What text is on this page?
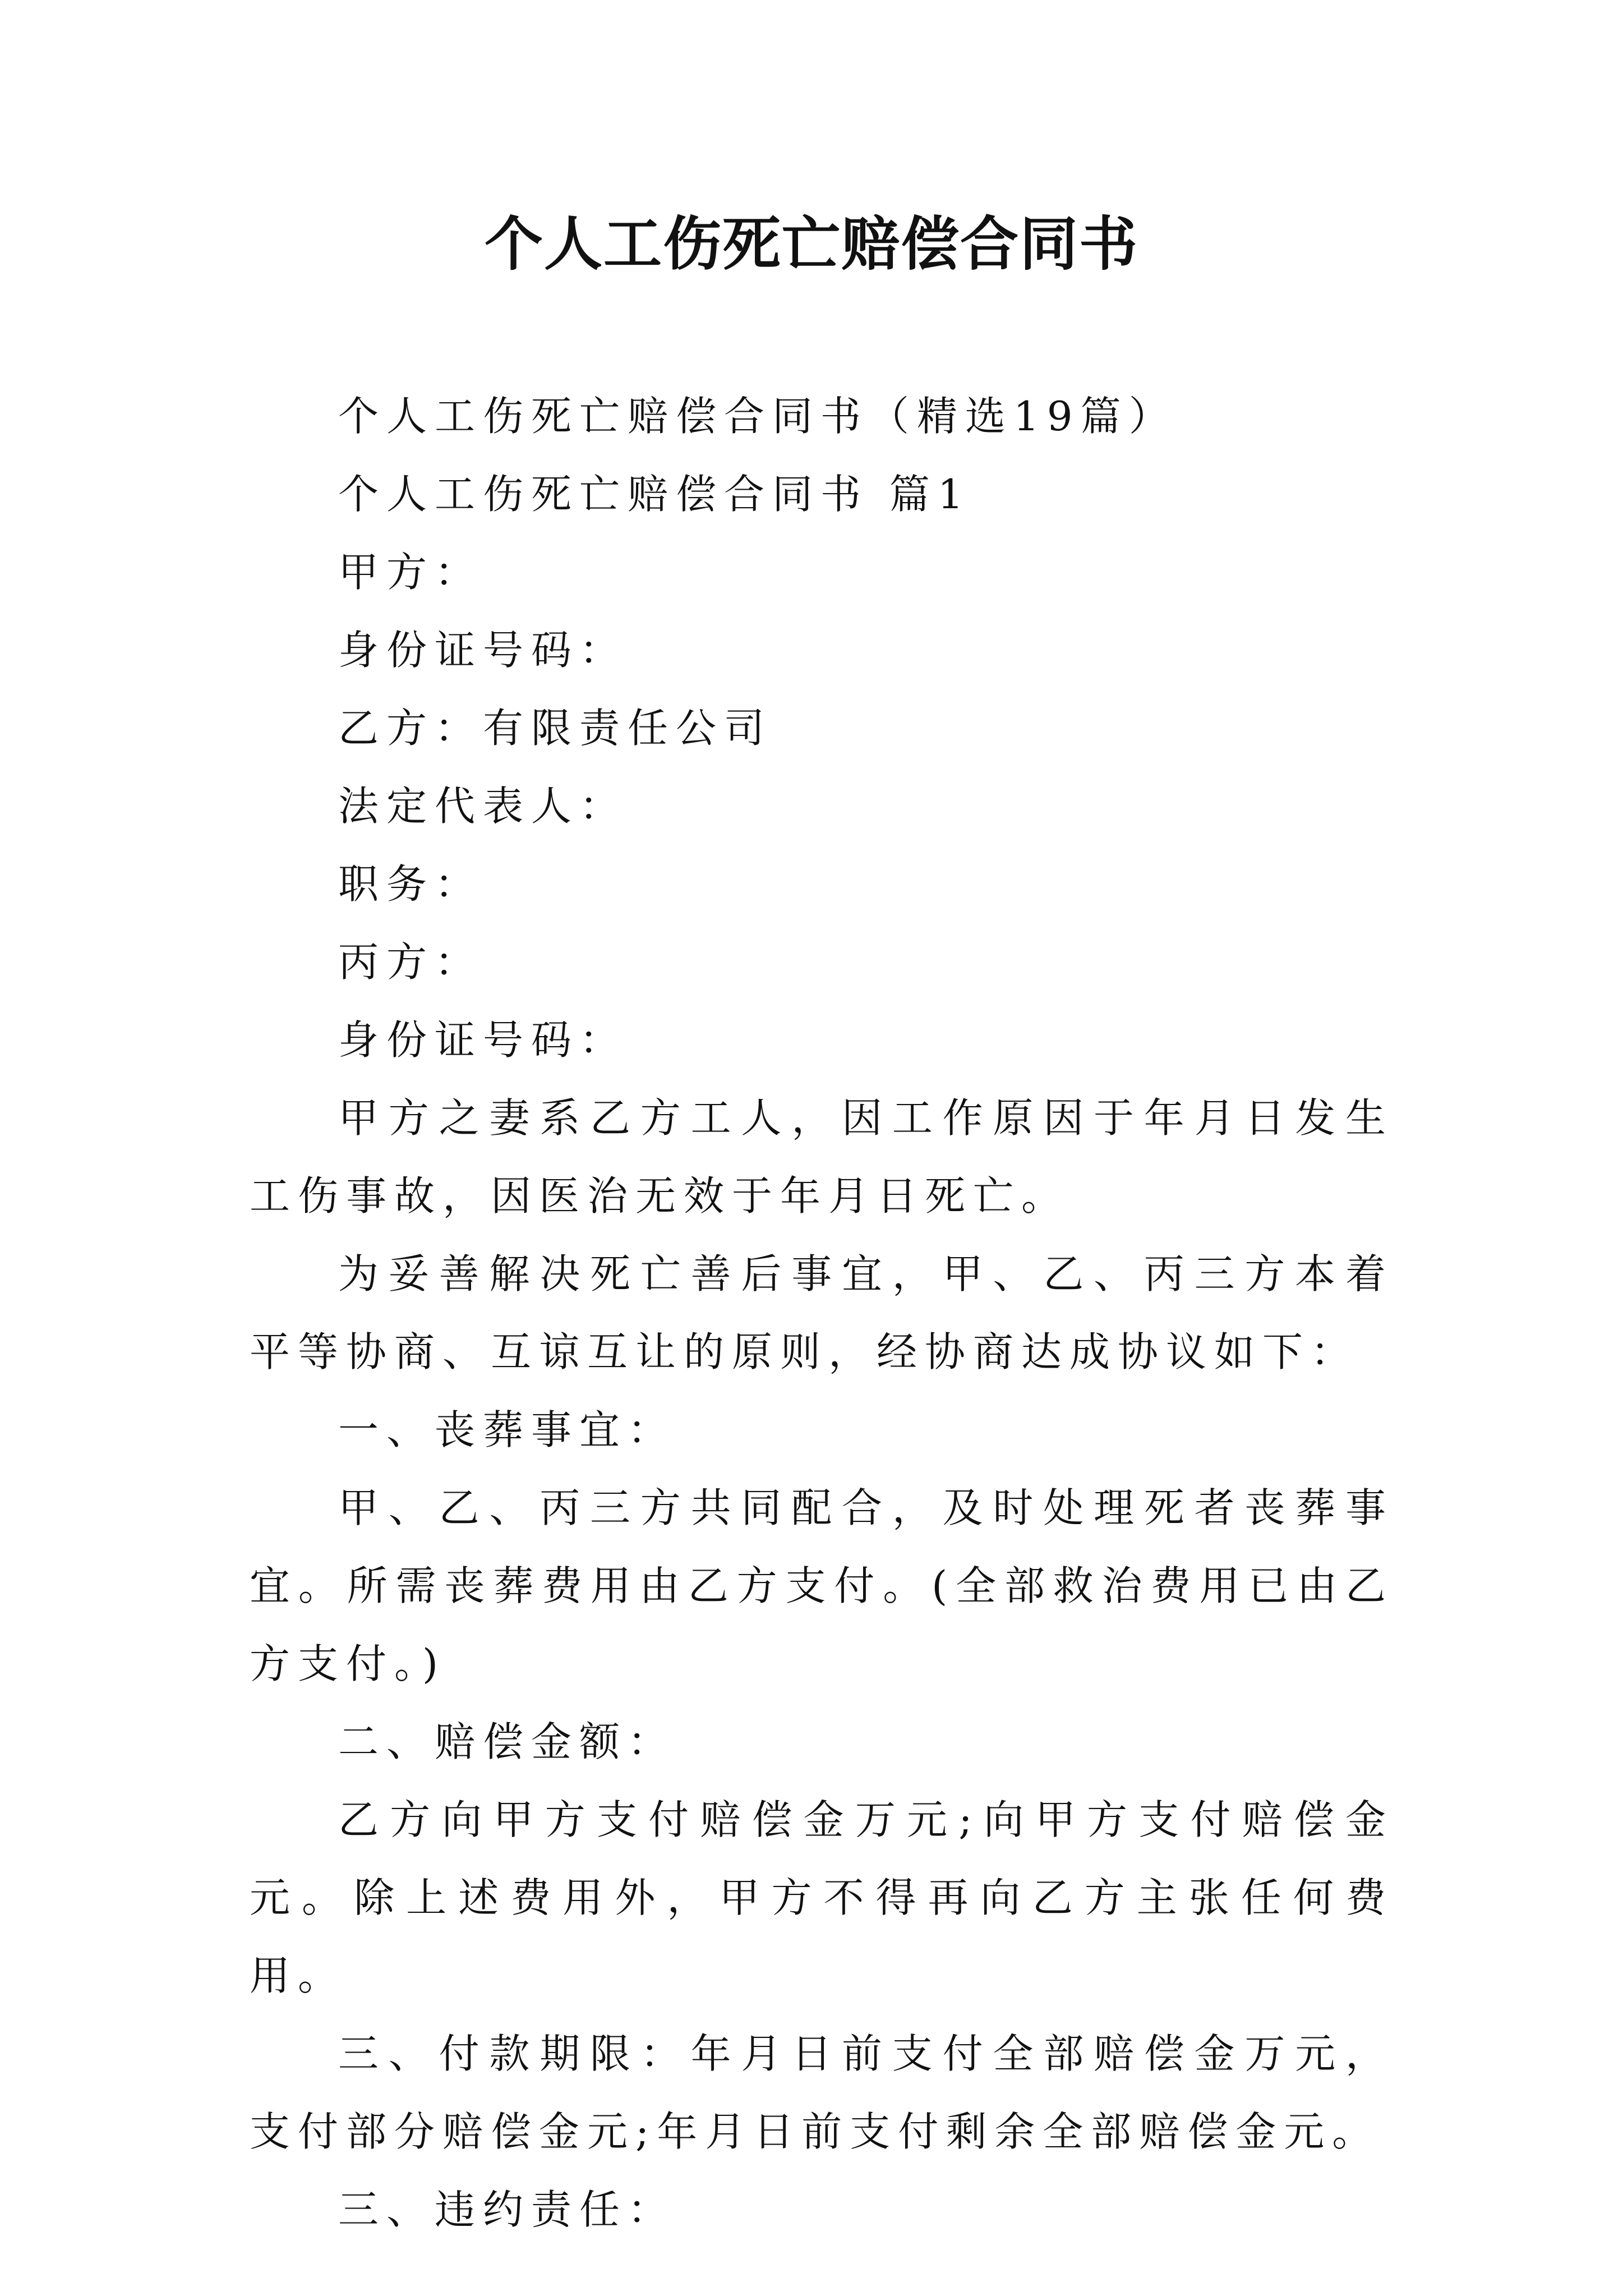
个人工伤死亡赔偿合同书

个人工伤死亡赔偿合同书（精选19篇）

个人工伤死亡赔偿合同书 篇1

甲方：

身份证号码：

乙方：有限责任公司

法定代表人：

职务：

丙方：

身份证号码：

甲方之妻系乙方工人，因工作原因于年月日发生工伤事故，因医治无效于年月日死亡。

为妥善解决死亡善后事宜，甲、乙、丙三方本着平等协商、互谅互让的原则，经协商达成协议如下：

一、丧葬事宜：

甲、乙、丙三方共同配合，及时处理死者丧葬事宜。所需丧葬费用由乙方支付。(全部救治费用已由乙方支付。)

二、赔偿金额：

乙方向甲方支付赔偿金万元;向甲方支付赔偿金元。除上述费用外，甲方不得再向乙方主张任何费用。

三、付款期限：年月日前支付全部赔偿金万元，支付部分赔偿金元;年月日前支付剩余全部赔偿金元。

三、违约责任：
